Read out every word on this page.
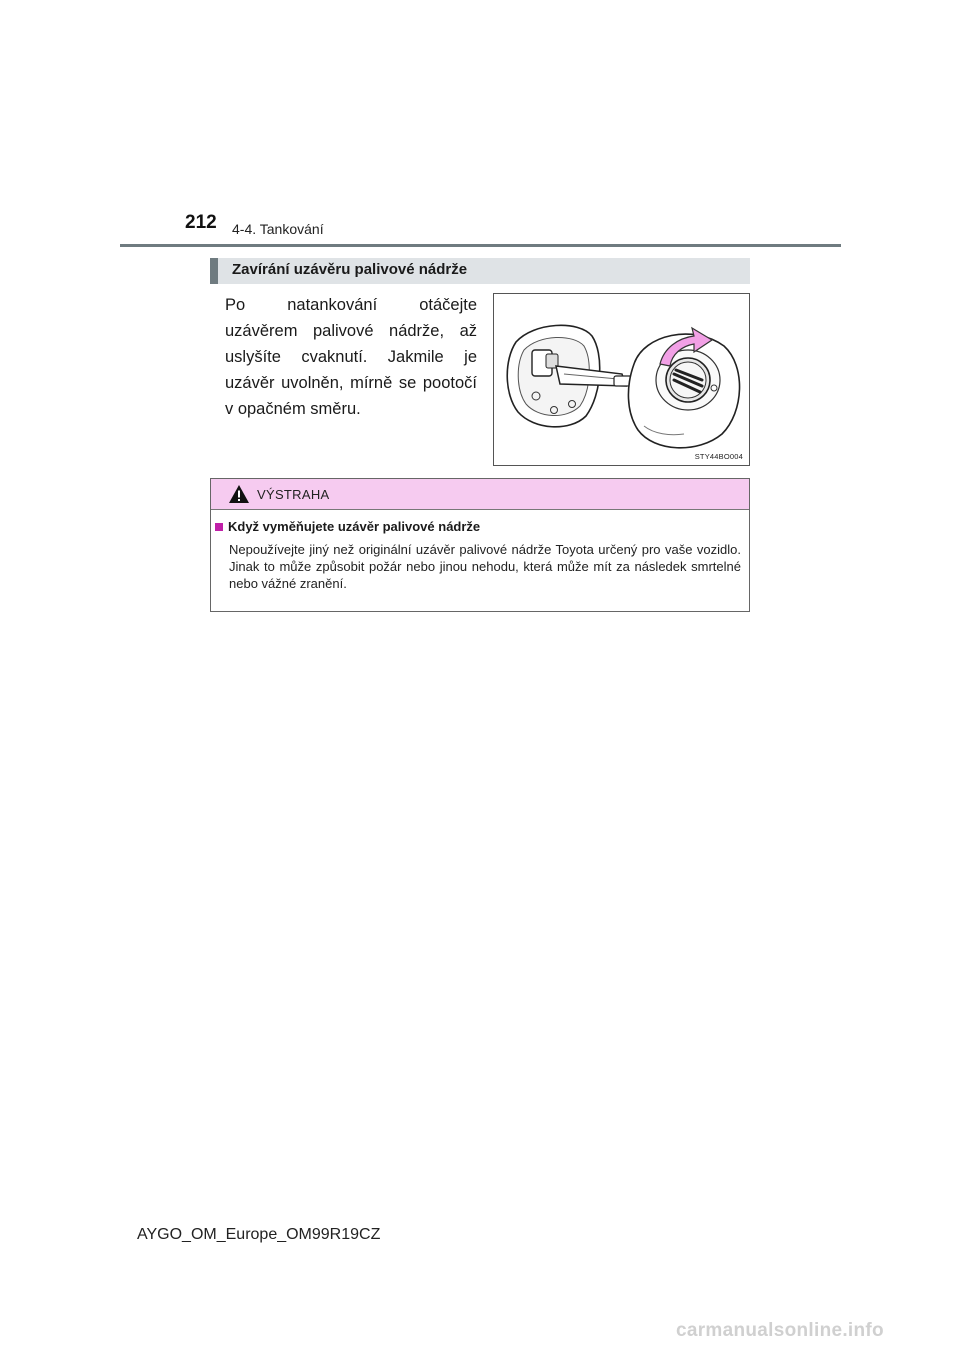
212 4-4. Tankování
Zavírání uzávěru palivové nádrže
Po natankování otáčejte uzávěrem palivové nádrže, až uslyšíte cvaknutí. Jakmile je uzávěr uvolněn, mírně se pootočí v opačném směru.
STY44BO004
VÝSTRAHA
Když vyměňujete uzávěr palivové nádrže
Nepoužívejte jiný než originální uzávěr palivové nádrže Toyota určený pro vaše vozidlo. Jinak to může způsobit požár nebo jinou nehodu, která může mít za následek smrtelné nebo vážné zranění.
AYGO_OM_Europe_OM99R19CZ
carmanualsonline.info
